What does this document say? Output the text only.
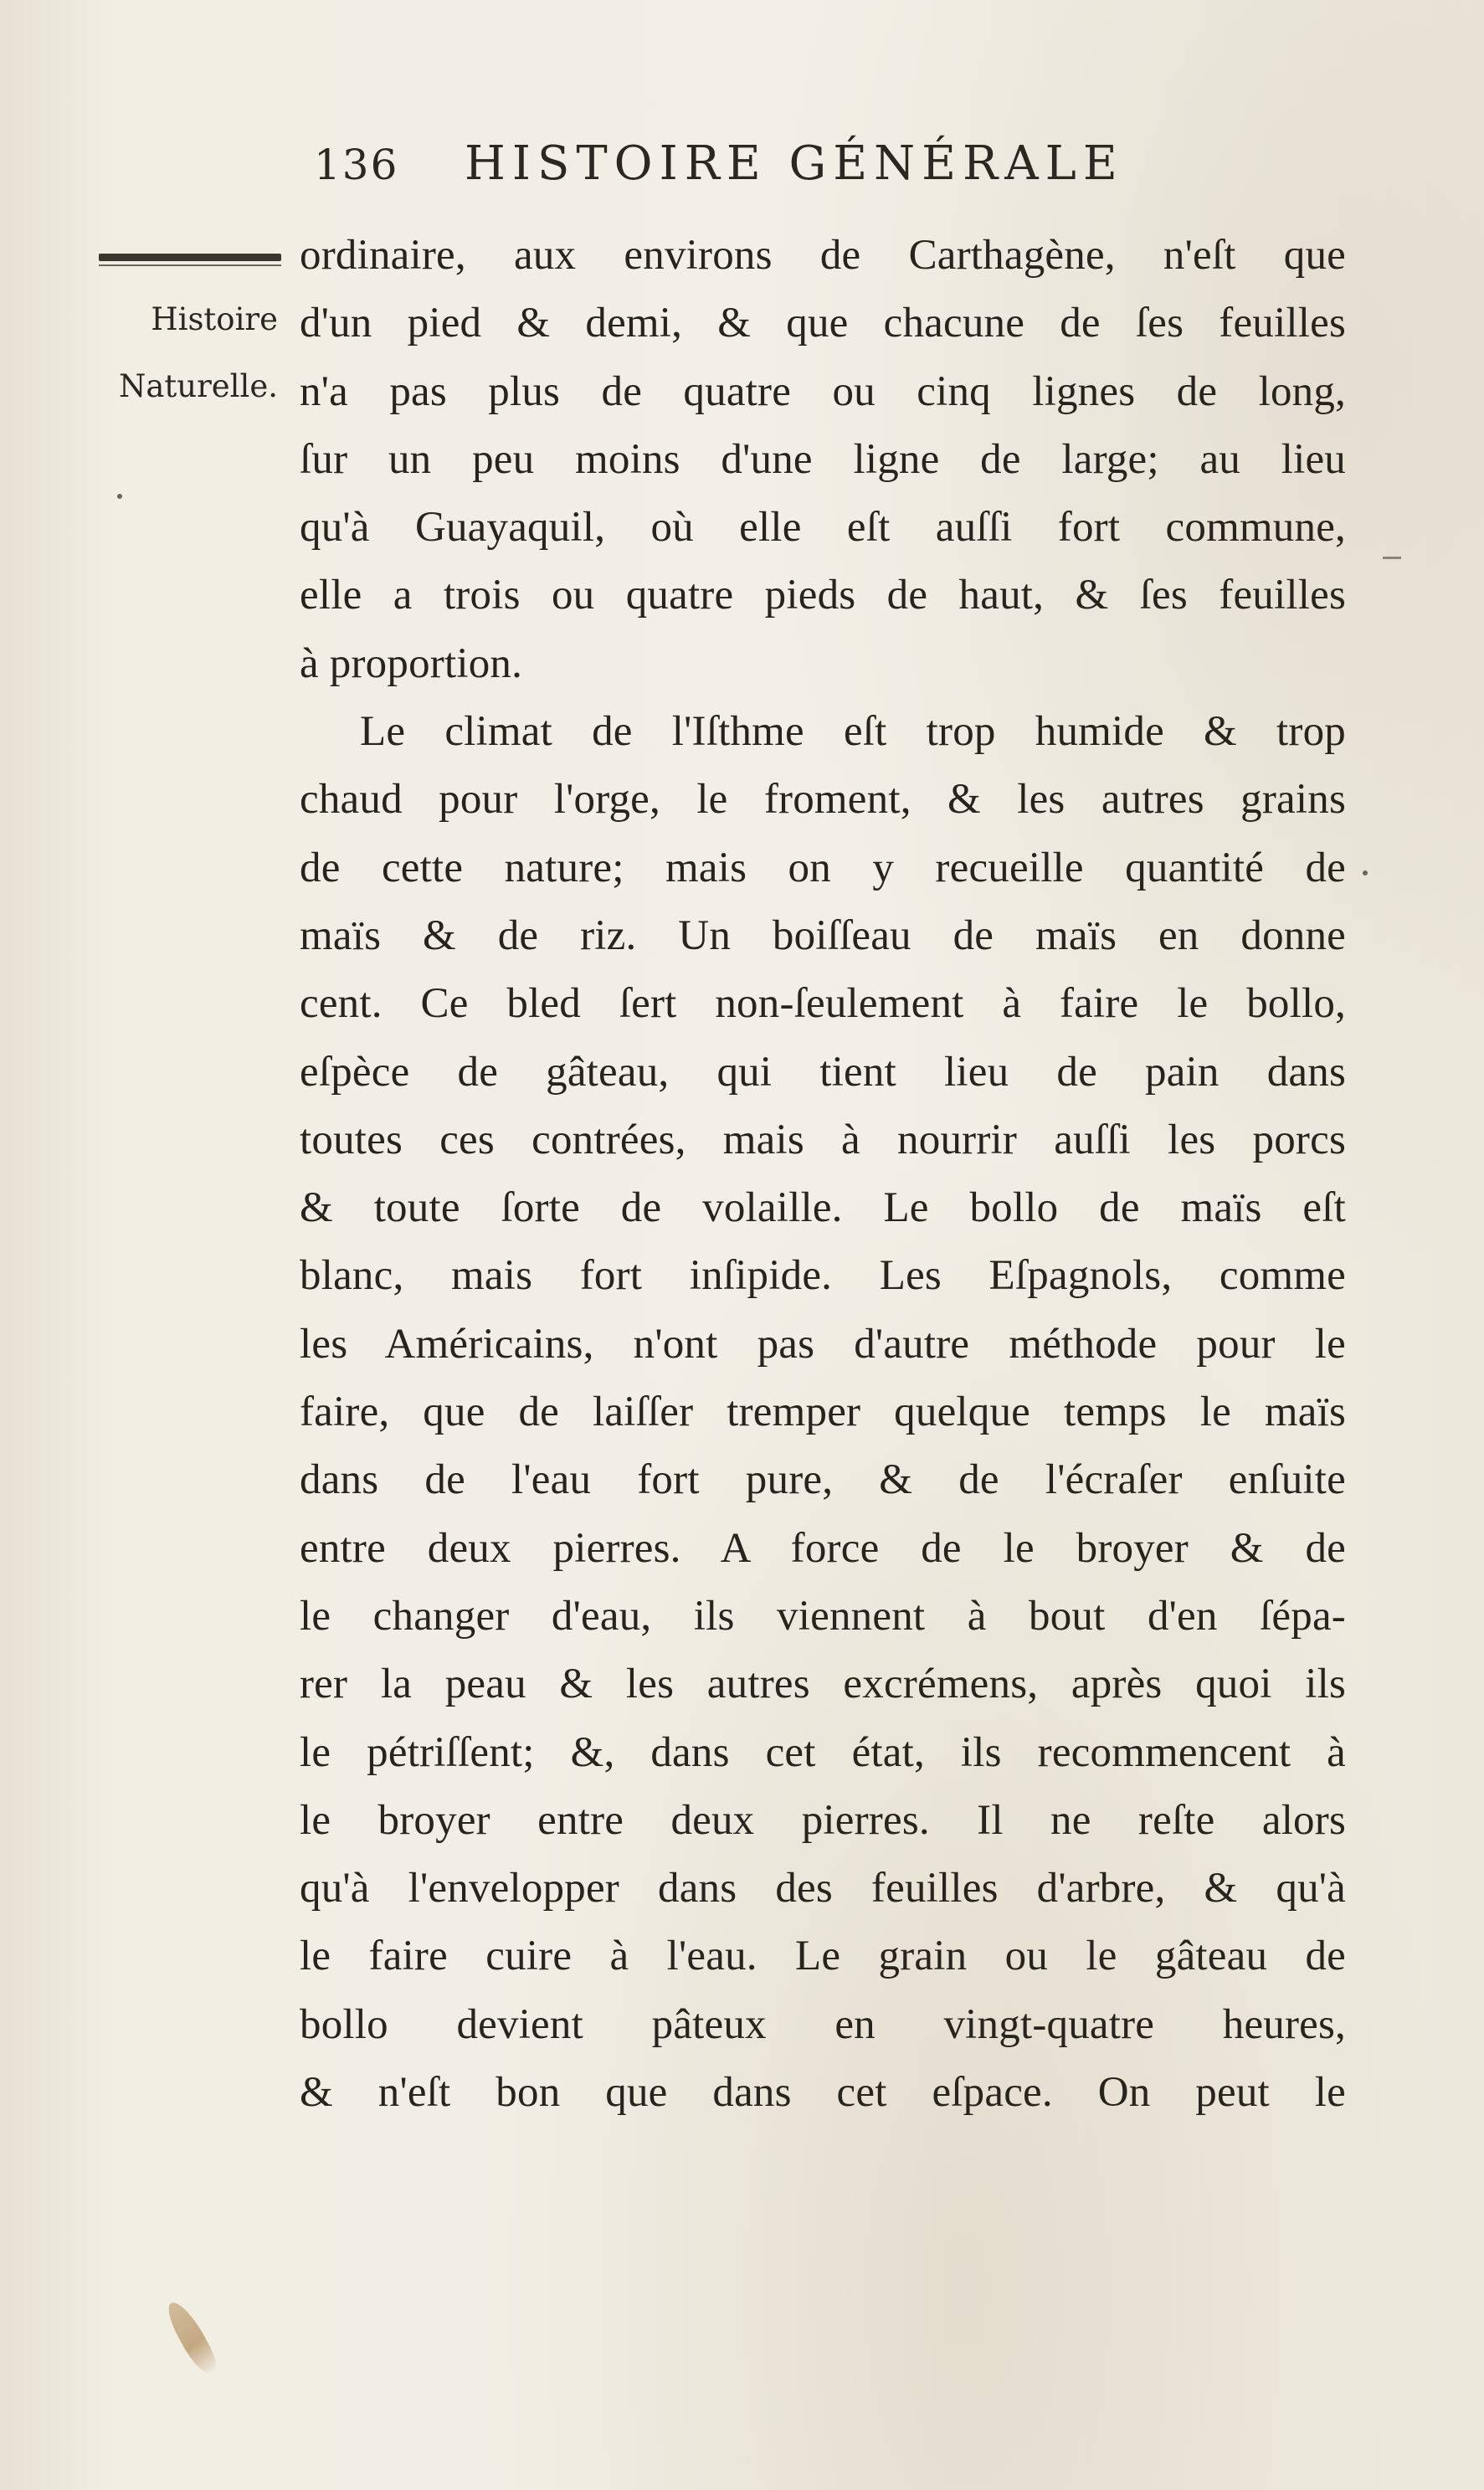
136 HISTOIRE GÉNÉRALE
Histoire
Naturelle.
ordinaire, aux environs de Carthagène, n'eſt que
d'un pied & demi, & que chacune de ſes feuilles
n'a pas plus de quatre ou cinq lignes de long,
ſur un peu moins d'une ligne de large; au lieu
qu'à Guayaquil, où elle eſt auſſi fort commune,
elle a trois ou quatre pieds de haut, & ſes feuilles
à proportion.
Le climat de l'Iſthme eſt trop humide & trop
chaud pour l'orge, le froment, & les autres grains
de cette nature; mais on y recueille quantité de
maïs & de riz. Un boiſſeau de maïs en donne
cent. Ce bled ſert non-ſeulement à faire le bollo,
eſpèce de gâteau, qui tient lieu de pain dans
toutes ces contrées, mais à nourrir auſſi les porcs
& toute ſorte de volaille. Le bollo de maïs eſt
blanc, mais fort inſipide. Les Eſpagnols, comme
les Américains, n'ont pas d'autre méthode pour le
faire, que de laiſſer tremper quelque temps le maïs
dans de l'eau fort pure, & de l'écraſer enſuite
entre deux pierres. A force de le broyer & de
le changer d'eau, ils viennent à bout d'en ſépa-
rer la peau & les autres excrémens, après quoi ils
le pétriſſent; &, dans cet état, ils recommencent à
le broyer entre deux pierres. Il ne reſte alors
qu'à l'envelopper dans des feuilles d'arbre, & qu'à
le faire cuire à l'eau. Le grain ou le gâteau de
bollo devient pâteux en vingt-quatre heures,
& n'eſt bon que dans cet eſpace. On peut le
